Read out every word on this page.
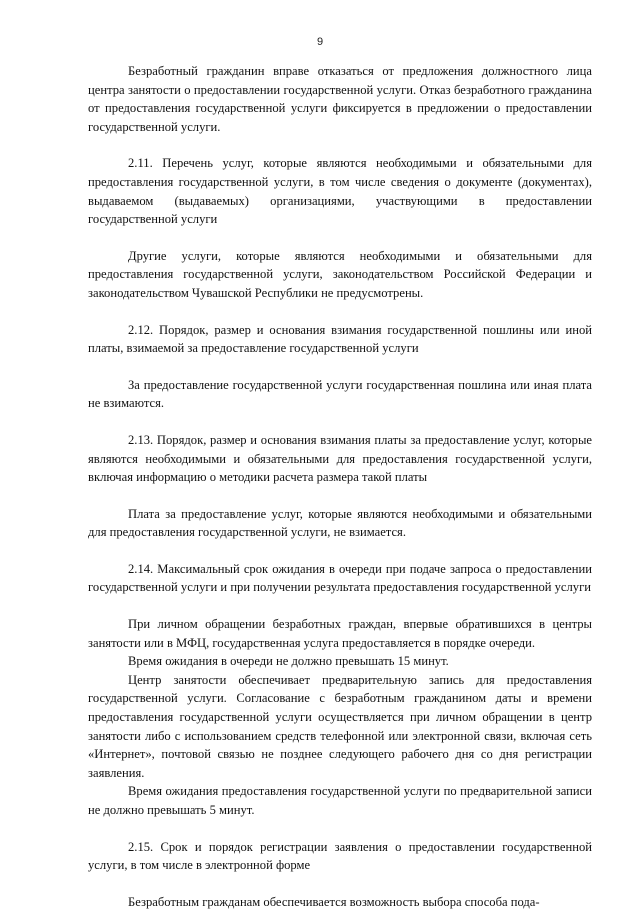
9

Безработный гражданин вправе отказаться от предложения должностного лица центра занятости о предоставлении государственной услуги. Отказ безработного гражданина от предоставления государственной услуги фиксируется в предложении о предоставлении государственной услуги.

2.11. Перечень услуг, которые являются необходимыми и обязательными для предоставления государственной услуги, в том числе сведения о документе (документах), выдаваемом (выдаваемых) организациями, участвующими в предоставлении государственной услуги

Другие услуги, которые являются необходимыми и обязательными для предоставления государственной услуги, законодательством Российской Федерации и законодательством Чувашской Республики не предусмотрены.

2.12. Порядок, размер и основания взимания государственной пошлины или иной платы, взимаемой за предоставление государственной услуги

За предоставление государственной услуги государственная пошлина или иная плата не взимаются.

2.13. Порядок, размер и основания взимания платы за предоставление услуг, которые являются необходимыми и обязательными для предоставления государственной услуги, включая информацию о методики расчета размера такой платы

Плата за предоставление услуг, которые являются необходимыми и обязательными для предоставления государственной услуги, не взимается.

2.14. Максимальный срок ожидания в очереди при подаче запроса о предоставлении государственной услуги и при получении результата предоставления государственной услуги

При личном обращении безработных граждан, впервые обратившихся в центры занятости или в МФЦ, государственная услуга предоставляется в порядке очереди.

Время ожидания в очереди не должно превышать 15 минут.

Центр занятости обеспечивает предварительную запись для предоставления государственной услуги. Согласование с безработным гражданином даты и времени предоставления государственной услуги осуществляется при личном обращении в центр занятости либо с использованием средств телефонной или электронной связи, включая сеть «Интернет», почтовой связью не позднее следующего рабочего дня со дня регистрации заявления.

Время ожидания предоставления государственной услуги по предварительной записи не должно превышать 5 минут.

2.15. Срок и порядок регистрации заявления о предоставлении государственной услуги, в том числе в электронной форме

Безработным гражданам обеспечивается возможность выбора способа пода-
